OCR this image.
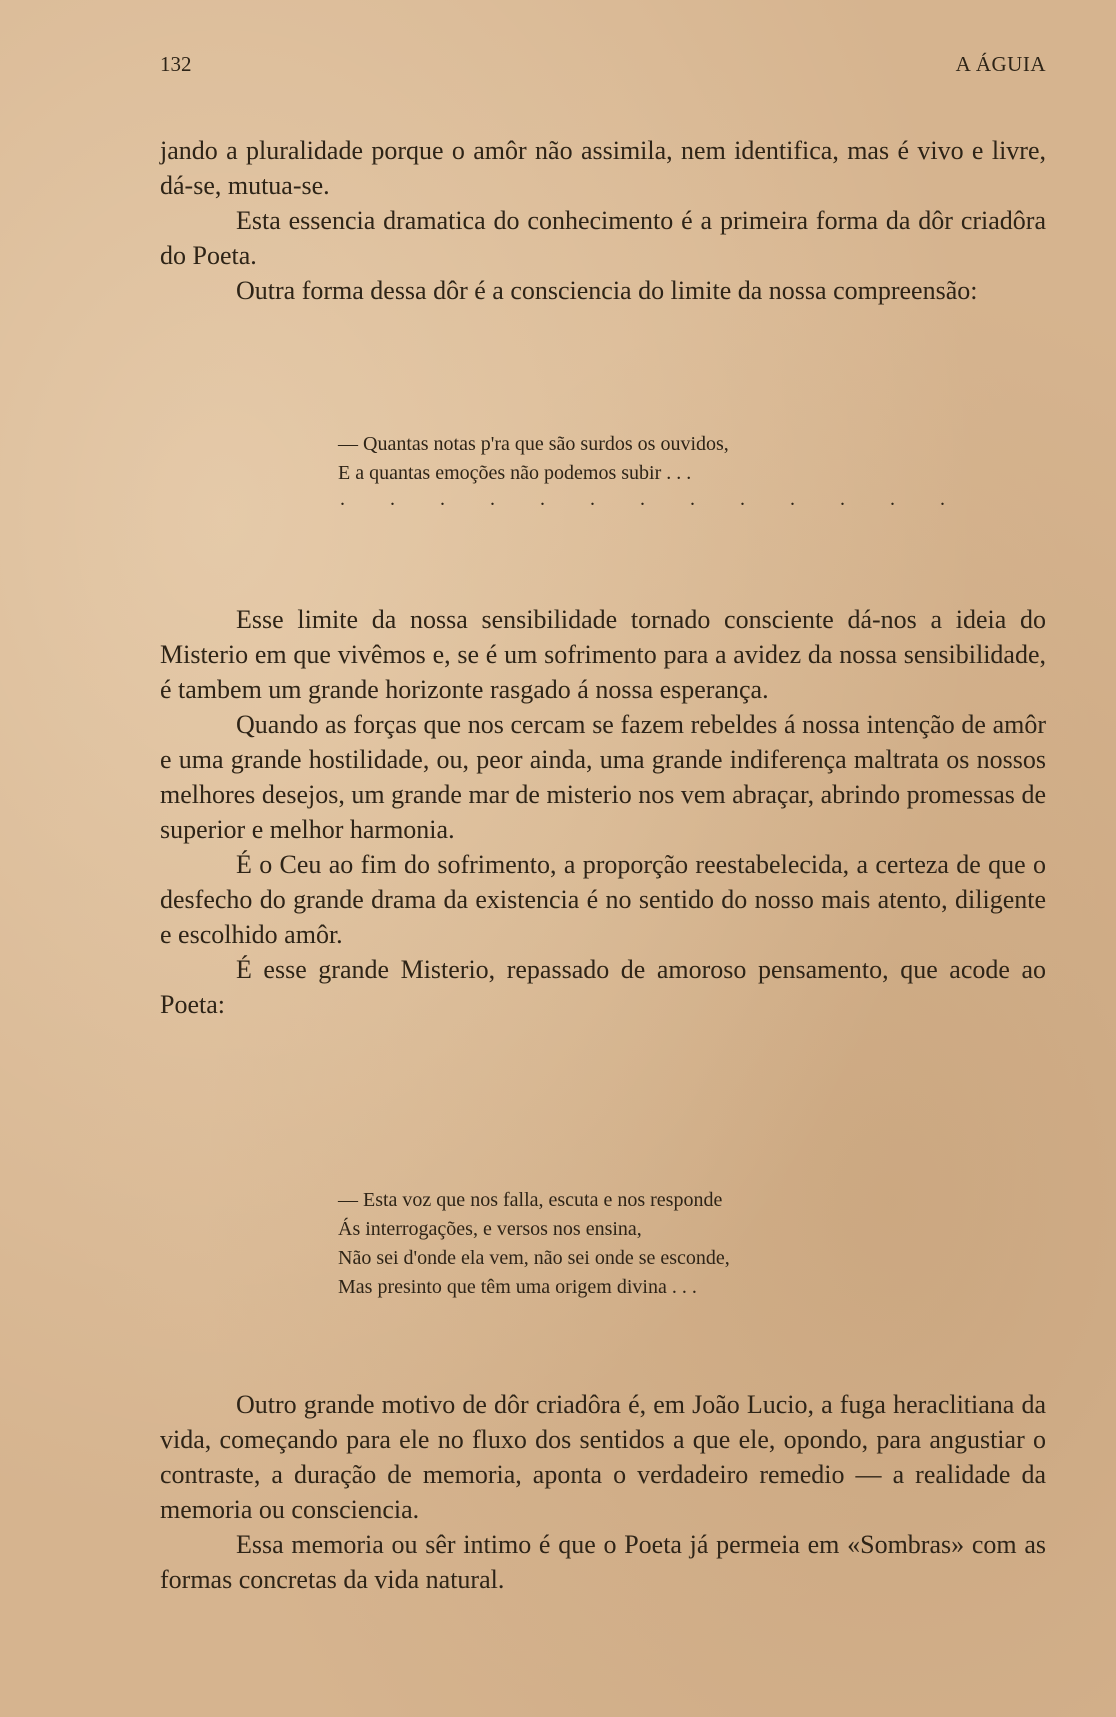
132	A ÁGUIA

jando a pluralidade porque o amôr não assimila, nem identifica, mas é vivo e livre, dá-se, mutua-se.

Esta essencia dramatica do conhecimento é a primeira forma da dôr criadôra do Poeta.

Outra forma dessa dôr é a consciencia do limite da nossa compreensão:

— Quantas notas p'ra que são surdos os ouvidos,
E a quantas emoções não podemos subir . . .
. . . . . . . . . . . . .

Esse limite da nossa sensibilidade tornado consciente dá-nos a ideia do Misterio em que vivêmos e, se é um sofrimento para a avidez da nossa sensibilidade, é tambem um grande horizonte rasgado á nossa esperança.

Quando as forças que nos cercam se fazem rebeldes á nossa intenção de amôr e uma grande hostilidade, ou, peor ainda, uma grande indiferença maltrata os nossos melhores desejos, um grande mar de misterio nos vem abraçar, abrindo promessas de superior e melhor harmonia.

É o Ceu ao fim do sofrimento, a proporção reestabelecida, a certeza de que o desfecho do grande drama da existencia é no sentido do nosso mais atento, diligente e escolhido amôr.

É esse grande Misterio, repassado de amoroso pensamento, que acode ao Poeta:

— Esta voz que nos falla, escuta e nos responde
Ás interrogações, e versos nos ensina,
Não sei d'onde ela vem, não sei onde se esconde,
Mas presinto que têm uma origem divina . . .

Outro grande motivo de dôr criadôra é, em João Lucio, a fuga heraclitiana da vida, começando para ele no fluxo dos sentidos a que ele, opondo, para angustiar o contraste, a duração de memoria, aponta o verdadeiro remedio — a realidade da memoria ou consciencia.

Essa memoria ou sêr intimo é que o Poeta já permeia em «Sombras» com as formas concretas da vida natural.
